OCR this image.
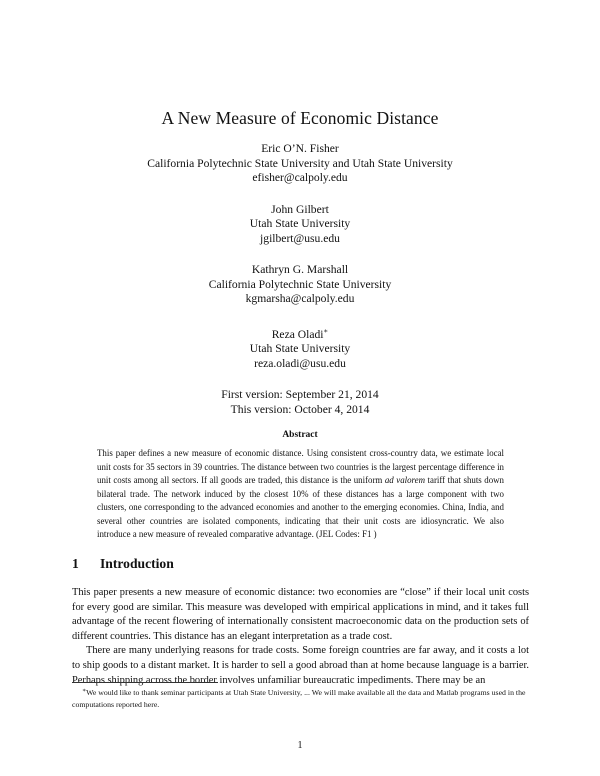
A New Measure of Economic Distance
Eric O’N. Fisher
California Polytechnic State University and Utah State University
efisher@calpoly.edu
John Gilbert
Utah State University
jgilbert@usu.edu
Kathryn G. Marshall
California Polytechnic State University
kgmarsha@calpoly.edu
Reza Oladi∗
Utah State University
reza.oladi@usu.edu
First version: September 21, 2014
This version: October 4, 2014
Abstract
This paper defines a new measure of economic distance. Using consistent cross-country data, we estimate local unit costs for 35 sectors in 39 countries. The distance between two countries is the largest percentage difference in unit costs among all sectors. If all goods are traded, this distance is the uniform ad valorem tariff that shuts down bilateral trade. The network induced by the closest 10% of these distances has a large component with two clusters, one corresponding to the advanced economies and another to the emerging economies. China, India, and several other countries are isolated components, indicating that their unit costs are idiosyncratic. We also introduce a new measure of revealed comparative advantage. (JEL Codes: F1 )
1 Introduction

This paper presents a new measure of economic distance: two economies are “close” if their local unit costs for every good are similar. This measure was developed with empirical applications in mind, and it takes full advantage of the recent flowering of internationally consistent macroeconomic data on the production sets of different countries. This distance has an elegant interpretation as a trade cost.

There are many underlying reasons for trade costs. Some foreign countries are far away, and it costs a lot to ship goods to a distant market. It is harder to sell a good abroad than at home because language is a barrier. Perhaps shipping across the border involves unfamiliar bureaucratic impediments. There may be an

∗We would like to thank seminar participants at Utah State University, ... We will make available all the data and Matlab programs used in the computations reported here.
1
